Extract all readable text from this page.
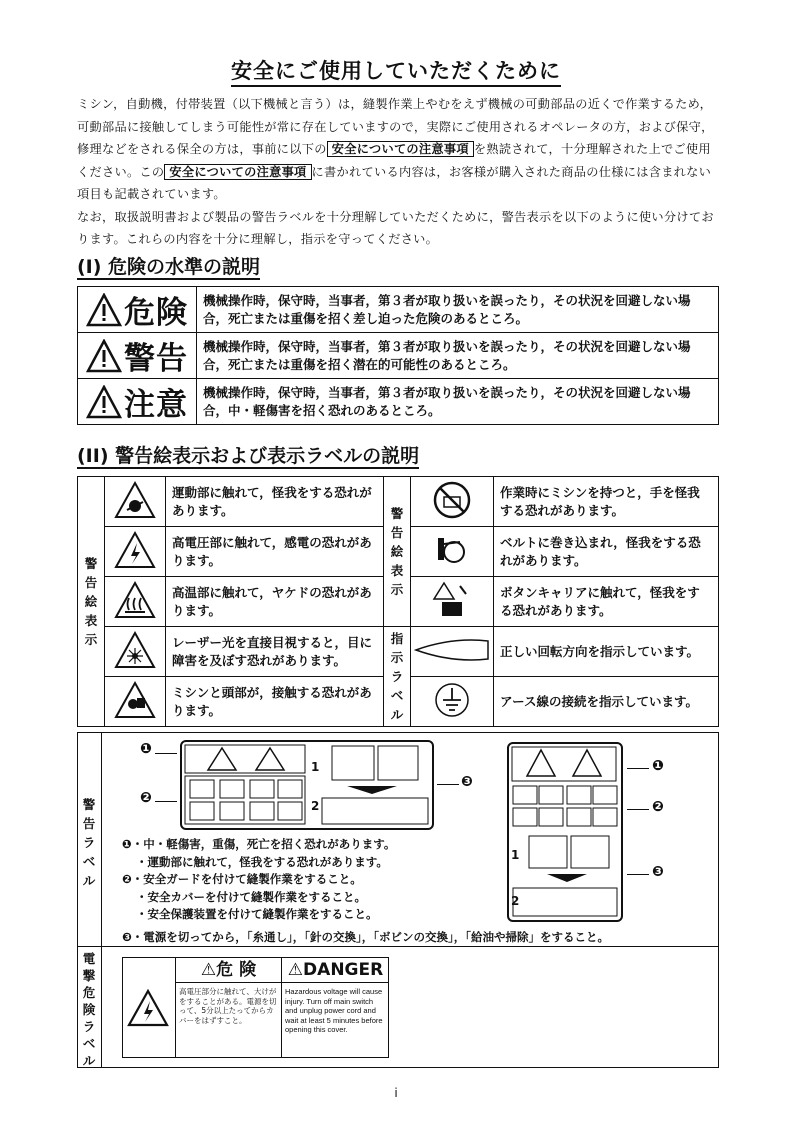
安全にご使用していただくために
ミシン，自動機，付帯装置（以下機械と言う）は，縫製作業上やむをえず機械の可動部品の近くで作業するため，可動部品に接触してしまう可能性が常に存在していますので，実際にご使用されるオペレータの方，および保守，修理などをされる保全の方は，事前に以下の 安全についての注意事項 を熟読されて，十分理解された上でご使用ください。この 安全についての注意事項 に書かれている内容は，お客様が購入された商品の仕様には含まれない項目も記載されています。
なお，取扱説明書および製品の警告ラベルを十分理解していただくために，警告表示を以下のように使い分けております。これらの内容を十分に理解し，指示を守ってください。
(I) 危険の水準の説明
危険	機械操作時，保守時，当事者，第３者が取り扱いを誤ったり，その状況を回避しない場合，死亡または重傷を招く差し迫った危険のあるところ。

警告	機械操作時，保守時，当事者，第３者が取り扱いを誤ったり，その状況を回避しない場合，死亡または重傷を招く潜在的可能性のあるところ。

注意	機械操作時，保守時，当事者，第３者が取り扱いを誤ったり，その状況を回避しない場合，中・軽傷害を招く恐れのあるところ。
(II) 警告絵表示および表示ラベルの説明
警告絵表示		運動部に触れて，怪我をする恐れがあります。	警告絵表示		作業時にミシンを持つと，手を怪我する恐れがあります。
	高電圧部に触れて，感電の恐れがあります。			ベルトに巻き込まれ，怪我をする恐れがあります。
	高温部に触れて，ヤケドの恐れがあります。			ボタンキャリアに触れて，怪我をする恐れがあります。
	レーザー光を直接目視すると，目に障害を及ぼす恐れがあります。	指示ラベル		正しい回転方向を指示しています。
	ミシンと頭部が，接触する恐れがあります。			アース線の接続を指示しています。
警告ラベル
電撃危険ラベル
❶
❷
1
2
❸
1
2
❶
❷
❸
❶・中・軽傷害，重傷，死亡を招く恐れがあります。
・運動部に触れて，怪我をする恐れがあります。
❷・安全ガードを付けて縫製作業をすること。
・安全カバーを付けて縫製作業をすること。
・安全保護装置を付けて縫製作業をすること。
❸・電源を切ってから，「糸通し」，「針の交換」，「ボビンの交換」，「給油や掃除」をすること。
⚠危 険
高電圧部分に触れて、大けがをすることがある。電源を切って、5分以上たってからカバーをはずすこと。
⚠DANGER
Hazardous voltage will cause injury. Turn off main switch and unplug power cord and wait at least 5 minutes before opening this cover.
i
